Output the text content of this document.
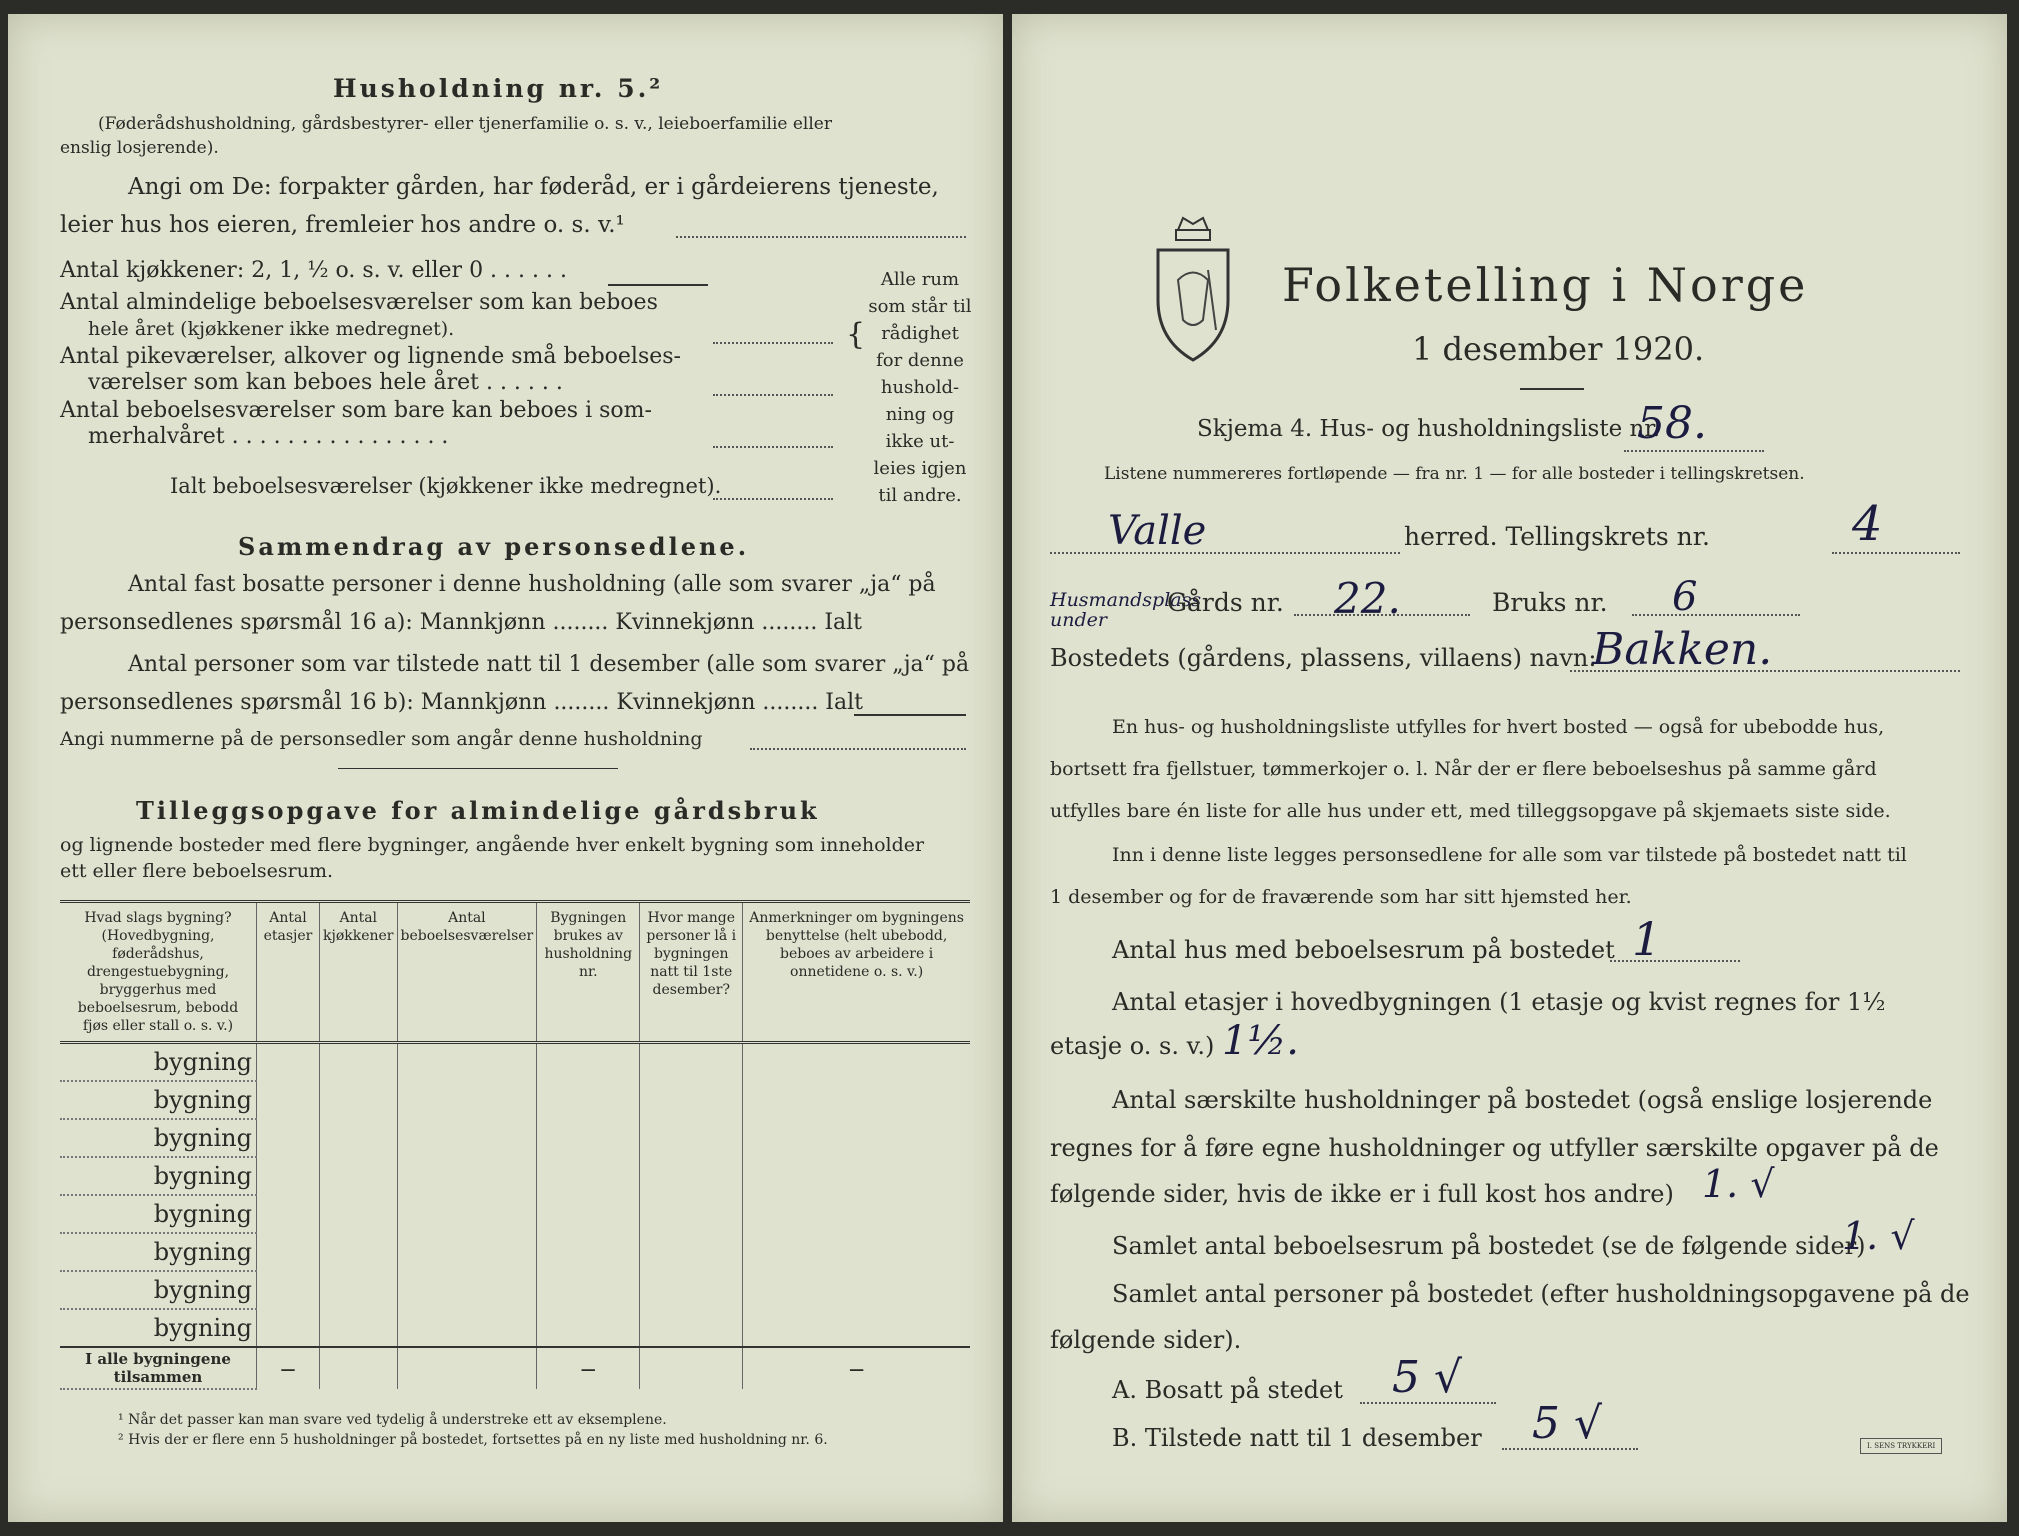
Husholdning nr. 5.²
(Føderådshusholdning, gårdsbestyrer- eller tjenerfamilie o. s. v., leieboerfamilie eller
enslig losjerende).
Angi om De: forpakter gården, har føderåd, er i gårdeierens tjeneste,
leier hus hos eieren, fremleier hos andre o. s. v.¹
Antal kjøkkener: 2, 1, ½ o. s. v. eller 0 . . . . . .
Antal almindelige beboelsesværelser som kan beboes
hele året (kjøkkener ikke medregnet).
Antal pikeværelser, alkover og lignende små beboelses-
værelser som kan beboes hele året . . . . . .
Antal beboelsesværelser som bare kan beboes i som-
merhalvåret . . . . . . . . . . . . . . . .
Ialt beboelsesværelser (kjøkkener ikke medregnet).
{
Alle rum
som står til
rådighet
for denne
hushold-
ning og
ikke ut-
leies igjen
til andre.
Sammendrag av personsedlene.
Antal fast bosatte personer i denne husholdning (alle som svarer „ja“ på
personsedlenes spørsmål 16 a): Mannkjønn ........ Kvinnekjønn ........ Ialt
Antal personer som var tilstede natt til 1 desember (alle som svarer „ja“ på
personsedlenes spørsmål 16 b): Mannkjønn ........ Kvinnekjønn ........ Ialt
Angi nummerne på de personsedler som angår denne husholdning
Tilleggsopgave for almindelige gårdsbruk
og lignende bosteder med flere bygninger, angående hver enkelt bygning som inneholder
ett eller flere beboelsesrum.
Hvad slags bygning? (Hovedbygning, føderådshus, drengestuebygning, bryggerhus med beboelsesrum, bebodd fjøs eller stall o. s. v.)	Antal etasjer	Antal kjøkkener	Antal beboelsesværelser	Bygningen brukes av husholdning nr.	Hvor mange personer lå i bygningen natt til 1ste desember?	Anmerkninger om bygningens benyttelse (helt ubebodd, beboes av arbeidere i onnetidene o. s. v.)
bygning						
bygning						
bygning						
bygning						
bygning						
bygning						
bygning						
bygning						
I alle bygningene tilsammen	—			—		—
¹ Når det passer kan man svare ved tydelig å understreke ett av eksemplene.
² Hvis der er flere enn 5 husholdninger på bostedet, fortsettes på en ny liste med husholdning nr. 6.
Folketelling i Norge
1 desember 1920.
Skjema 4. Hus- og husholdningsliste nr.
58.
Listene nummereres fortløpende — fra nr. 1 — for alle bosteder i tellingskretsen.
Valle	herred. Tellingskrets nr.	4
Husmandsplass under
Gårds nr. 22.	Bruks nr. 6
Bostedets (gårdens, plassens, villaens) navn:
Bakken.
En hus- og husholdningsliste utfylles for hvert bosted — også for ubebodde hus,
bortsett fra fjellstuer, tømmerkojer o. l. Når der er flere beboelseshus på samme gård
utfylles bare én liste for alle hus under ett, med tilleggsopgave på skjemaets siste side.
Inn i denne liste legges personsedlene for alle som var tilstede på bostedet natt til
1 desember og for de fraværende som har sitt hjemsted her.
Antal hus med beboelsesrum på bostedet 1
Antal etasjer i hovedbygningen (1 etasje og kvist regnes for 1½
etasje o. s. v.) 1½.
Antal særskilte husholdninger på bostedet (også enslige losjerende
regnes for å føre egne husholdninger og utfyller særskilte opgaver på de
følgende sider, hvis de ikke er i full kost hos andre) 1. √
Samlet antal beboelsesrum på bostedet (se de følgende sider)
1. √
Samlet antal personer på bostedet (efter husholdningsopgavene på de
følgende sider).
A. Bosatt på stedet 5 √
B. Tilstede natt til 1 desember 5 √	I. SENS TRYKKERI
